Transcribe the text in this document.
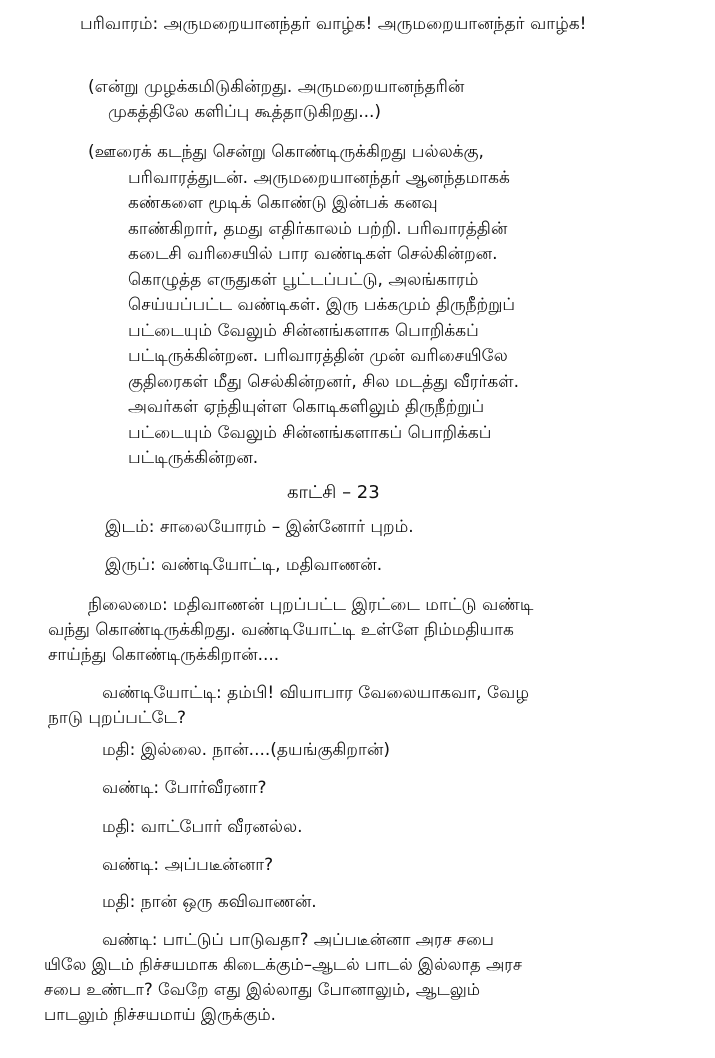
பரிவாரம்: அருமறையானந்தர் வாழ்க! அருமறையானந்தர் வாழ்க!
(என்று முழக்கமிடுகின்றது. அருமறையானந்தரின்
முகத்திலே களிப்பு கூத்தாடுகிறது...)
(ஊரைக் கடந்து சென்று கொண்டிருக்கிறது பல்லக்கு,
பரிவாரத்துடன். அருமறையானந்தர் ஆனந்தமாகக்
கண்களை மூடிக் கொண்டு இன்பக் கனவு
காண்கிறார், தமது எதிர்காலம் பற்றி. பரிவாரத்தின்
கடைசி வரிசையில் பார வண்டிகள் செல்கின்றன.
கொழுத்த எருதுகள் பூட்டப்பட்டு, அலங்காரம்
செய்யப்பட்ட வண்டிகள். இரு பக்கமும் திருநீற்றுப்
பட்டையும் வேலும் சின்னங்களாக பொறிக்கப்
பட்டிருக்கின்றன. பரிவாரத்தின் முன் வரிசையிலே
குதிரைகள் மீது செல்கின்றனர், சில மடத்து வீரர்கள்.
அவர்கள் ஏந்தியுள்ள கொடிகளிலும் திருநீற்றுப்
பட்டையும் வேலும் சின்னங்களாகப் பொறிக்கப்
பட்டிருக்கின்றன.
காட்சி – 23
இடம்: சாலையோரம் – இன்னோர் புறம்.
இருப்: வண்டியோட்டி, மதிவாணன்.
நிலைமை: மதிவாணன் புறப்பட்ட இரட்டை மாட்டு வண்டி
வந்து கொண்டிருக்கிறது. வண்டியோட்டி உள்ளே நிம்மதியாக
சாய்ந்து கொண்டிருக்கிறான்....
வண்டியோட்டி: தம்பி! வியாபார வேலையாகவா, வேழ
நாடு புறப்பட்டே?
மதி: இல்லை. நான்....(தயங்குகிறான்)
வண்டி: போர்வீரனா?
மதி: வாட்போர் வீரனல்ல.
வண்டி: அப்படீன்னா?
மதி: நான் ஒரு கவிவாணன்.
வண்டி: பாட்டுப் பாடுவதா? அப்படீன்னா அரச சபை
யிலே இடம் நிச்சயமாக கிடைக்கும்–ஆடல் பாடல் இல்லாத அரச
சபை உண்டா? வேறே எது இல்லாது போனாலும், ஆடலும்
பாடலும் நிச்சயமாய் இருக்கும்.
